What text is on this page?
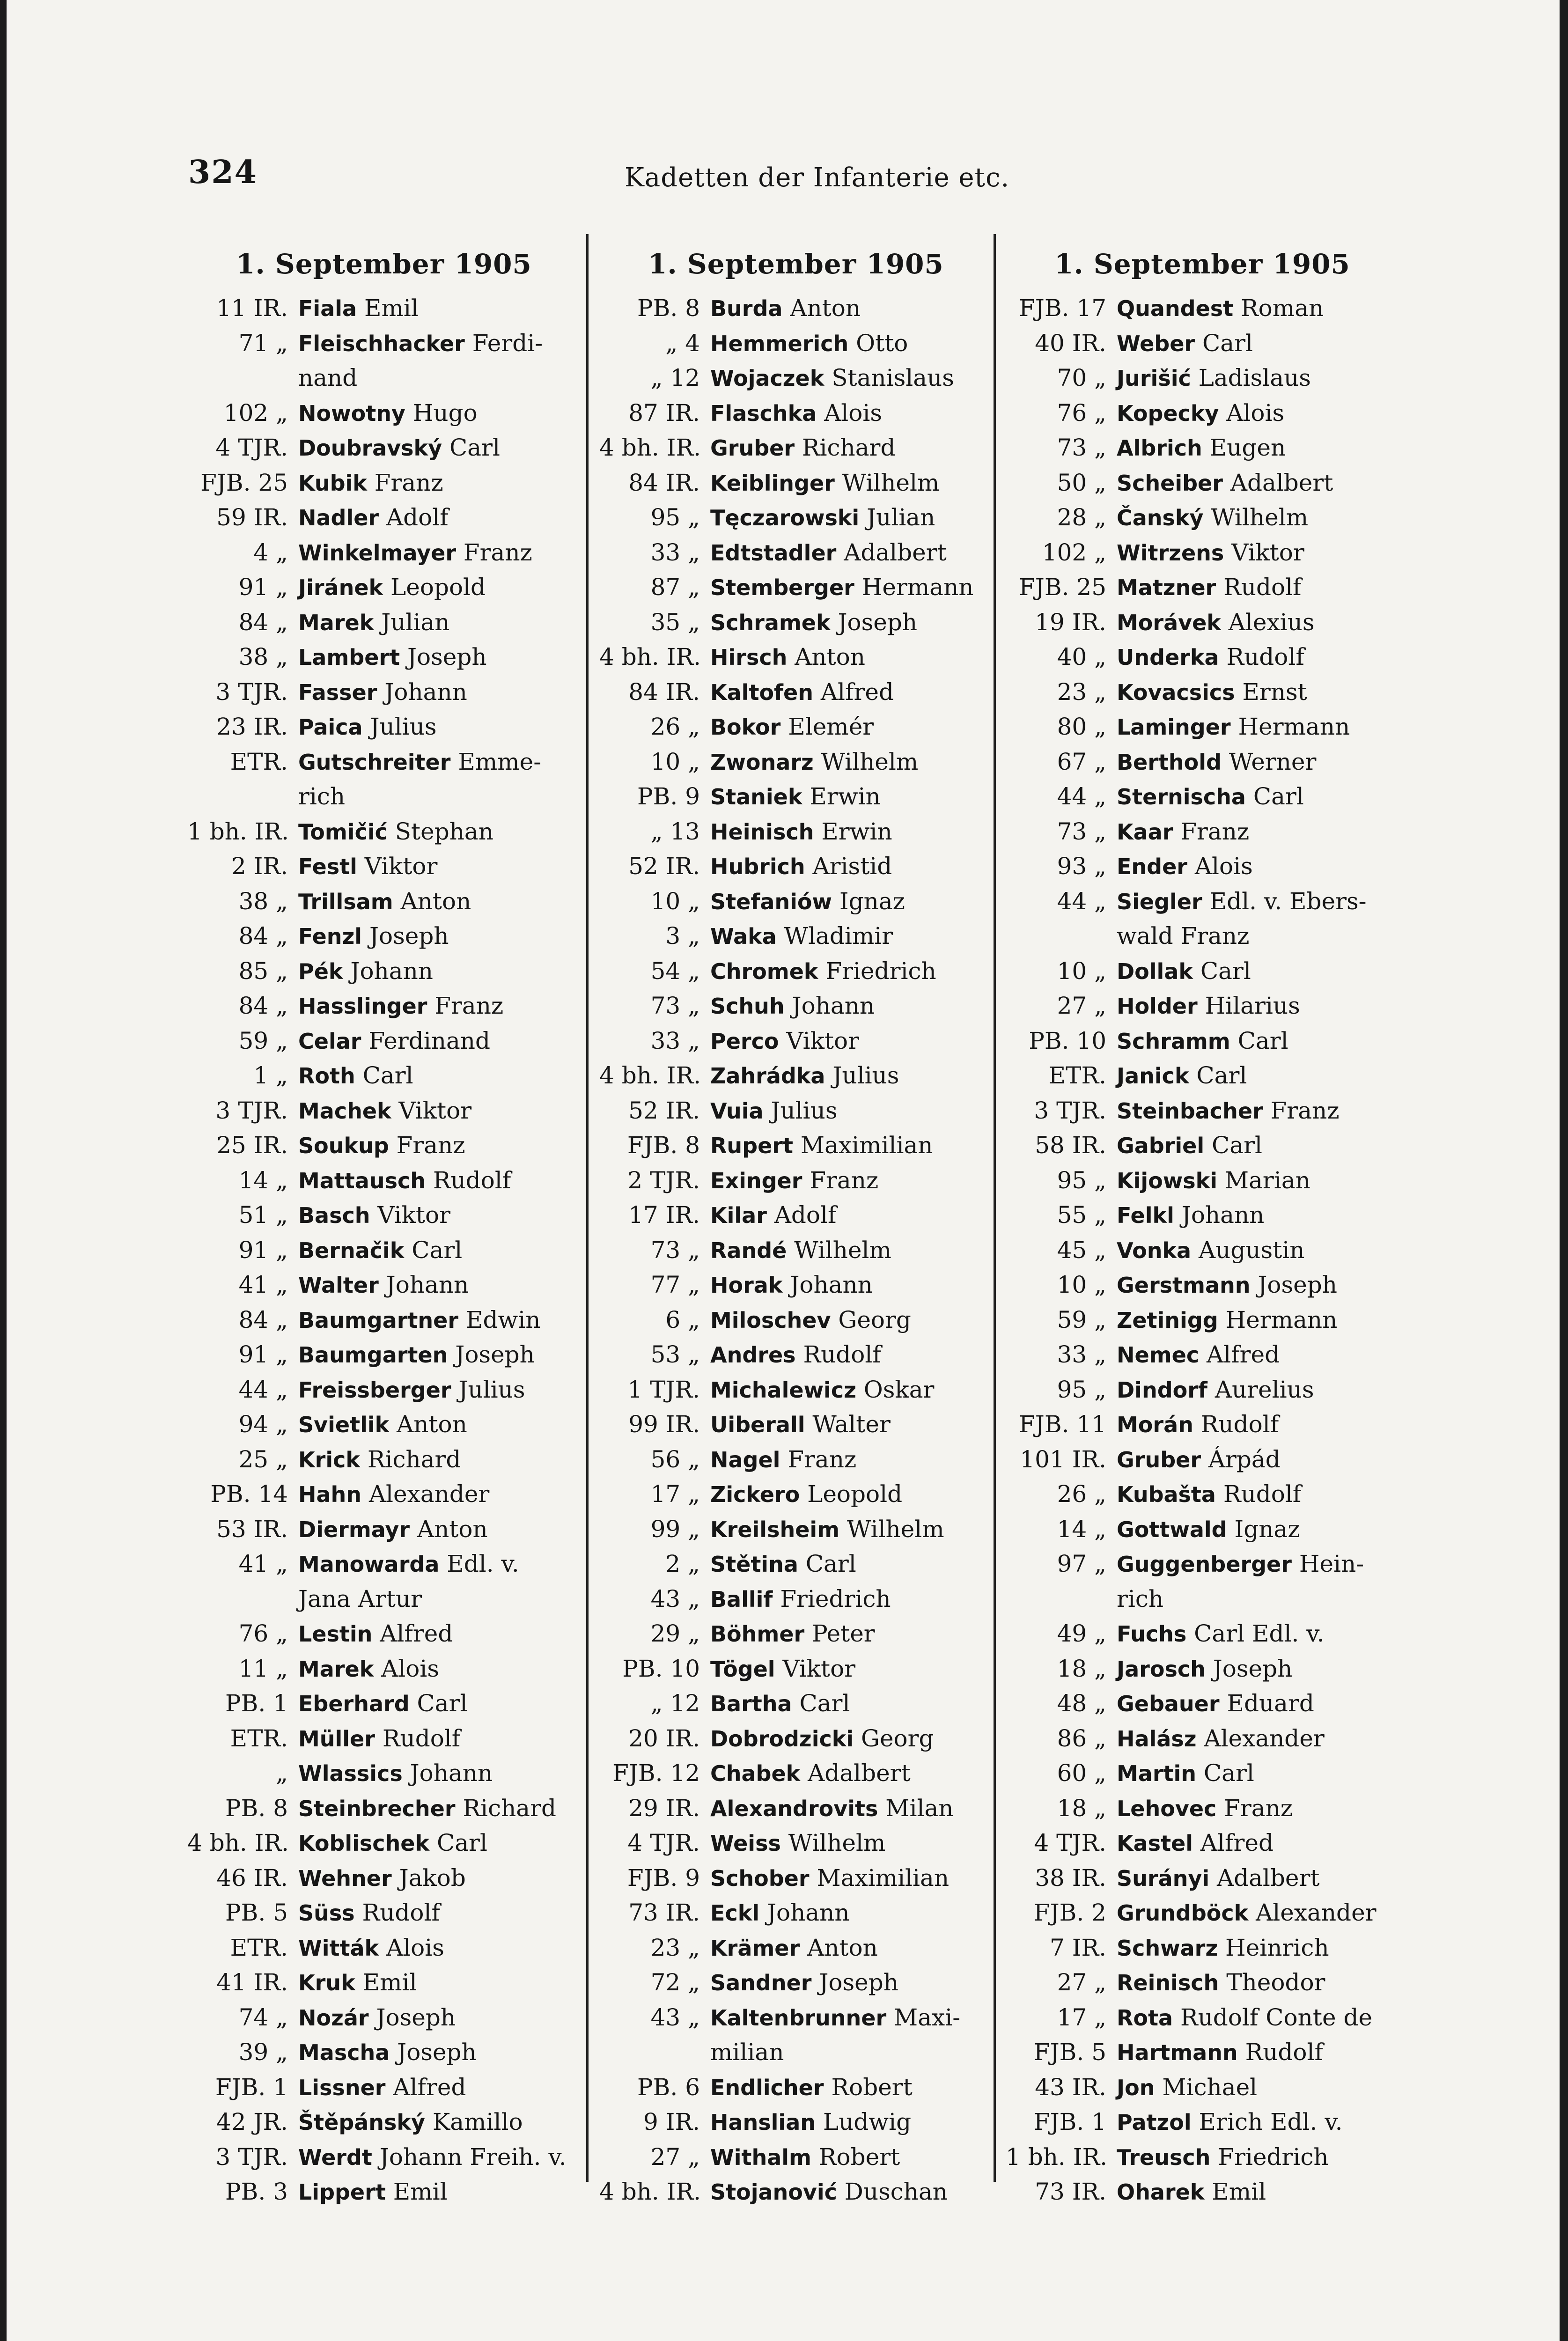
324	Kadetten der Infanterie etc.
1. September 1905
11 IR. Fiala Emil
71 „ Fleischhacker Ferdi-
nand
102 „ Nowotny Hugo
4 TJR. Doubravský Carl
FJB. 25 Kubik Franz
59 IR. Nadler Adolf
4 „ Winkelmayer Franz
91 „ Jiránek Leopold
84 „ Marek Julian
38 „ Lambert Joseph
3 TJR. Fasser Johann
23 IR. Paica Julius
ETR. Gutschreiter Emme-
rich
1 bh. IR. Tomičić Stephan
2 IR. Festl Viktor
38 „ Trillsam Anton
84 „ Fenzl Joseph
85 „ Pék Johann
84 „ Hasslinger Franz
59 „ Celar Ferdinand
1 „ Roth Carl
3 TJR. Machek Viktor
25 IR. Soukup Franz
14 „ Mattausch Rudolf
51 „ Basch Viktor
91 „ Bernačik Carl
41 „ Walter Johann
84 „ Baumgartner Edwin
91 „ Baumgarten Joseph
44 „ Freissberger Julius
94 „ Svietlik Anton
25 „ Krick Richard
PB. 14 Hahn Alexander
53 IR. Diermayr Anton
41 „ Manowarda Edl. v.
Jana Artur
76 „ Lestin Alfred
11 „ Marek Alois
PB. 1 Eberhard Carl
ETR. Müller Rudolf
„ Wlassics Johann
PB. 8 Steinbrecher Richard
4 bh. IR. Koblischek Carl
46 IR. Wehner Jakob
PB. 5 Süss Rudolf
ETR. Witták Alois
41 IR. Kruk Emil
74 „ Nozár Joseph
39 „ Mascha Joseph
FJB. 1 Lissner Alfred
42 JR. Štěpánský Kamillo
3 TJR. Werdt Johann Freih. v.
PB. 3 Lippert Emil
1. September 1905
PB. 8 Burda Anton
„ 4 Hemmerich Otto
„ 12 Wojaczek Stanislaus
87 IR. Flaschka Alois
4 bh. IR. Gruber Richard
84 IR. Keiblinger Wilhelm
95 „ Tęczarowski Julian
33 „ Edtstadler Adalbert
87 „ Stemberger Hermann
35 „ Schramek Joseph
4 bh. IR. Hirsch Anton
84 IR. Kaltofen Alfred
26 „ Bokor Elemér
10 „ Zwonarz Wilhelm
PB. 9 Staniek Erwin
„ 13 Heinisch Erwin
52 IR. Hubrich Aristid
10 „ Stefaniów Ignaz
3 „ Waka Wladimir
54 „ Chromek Friedrich
73 „ Schuh Johann
33 „ Perco Viktor
4 bh. IR. Zahrádka Julius
52 IR. Vuia Julius
FJB. 8 Rupert Maximilian
2 TJR. Exinger Franz
17 IR. Kilar Adolf
73 „ Randé Wilhelm
77 „ Horak Johann
6 „ Miloschev Georg
53 „ Andres Rudolf
1 TJR. Michalewicz Oskar
99 IR. Uiberall Walter
56 „ Nagel Franz
17 „ Zickero Leopold
99 „ Kreilsheim Wilhelm
2 „ Stětina Carl
43 „ Ballif Friedrich
29 „ Böhmer Peter
PB. 10 Tögel Viktor
„ 12 Bartha Carl
20 IR. Dobrodzicki Georg
FJB. 12 Chabek Adalbert
29 IR. Alexandrovits Milan
4 TJR. Weiss Wilhelm
FJB. 9 Schober Maximilian
73 IR. Eckl Johann
23 „ Krämer Anton
72 „ Sandner Joseph
43 „ Kaltenbrunner Maxi-
milian
PB. 6 Endlicher Robert
9 IR. Hanslian Ludwig
27 „ Withalm Robert
4 bh. IR. Stojanović Duschan
1. September 1905
FJB. 17 Quandest Roman
40 IR. Weber Carl
70 „ Jurišić Ladislaus
76 „ Kopecky Alois
73 „ Albrich Eugen
50 „ Scheiber Adalbert
28 „ Čanský Wilhelm
102 „ Witrzens Viktor
FJB. 25 Matzner Rudolf
19 IR. Morávek Alexius
40 „ Underka Rudolf
23 „ Kovacsics Ernst
80 „ Laminger Hermann
67 „ Berthold Werner
44 „ Sternischa Carl
73 „ Kaar Franz
93 „ Ender Alois
44 „ Siegler Edl. v. Ebers-
wald Franz
10 „ Dollak Carl
27 „ Holder Hilarius
PB. 10 Schramm Carl
ETR. Janick Carl
3 TJR. Steinbacher Franz
58 IR. Gabriel Carl
95 „ Kijowski Marian
55 „ Felkl Johann
45 „ Vonka Augustin
10 „ Gerstmann Joseph
59 „ Zetinigg Hermann
33 „ Nemec Alfred
95 „ Dindorf Aurelius
FJB. 11 Morán Rudolf
101 IR. Gruber Árpád
26 „ Kubašta Rudolf
14 „ Gottwald Ignaz
97 „ Guggenberger Hein-
rich
49 „ Fuchs Carl Edl. v.
18 „ Jarosch Joseph
48 „ Gebauer Eduard
86 „ Halász Alexander
60 „ Martin Carl
18 „ Lehovec Franz
4 TJR. Kastel Alfred
38 IR. Surányi Adalbert
FJB. 2 Grundböck Alexander
7 IR. Schwarz Heinrich
27 „ Reinisch Theodor
17 „ Rota Rudolf Conte de
FJB. 5 Hartmann Rudolf
43 IR. Jon Michael
FJB. 1 Patzol Erich Edl. v.
1 bh. IR. Treusch Friedrich
73 IR. Oharek Emil
